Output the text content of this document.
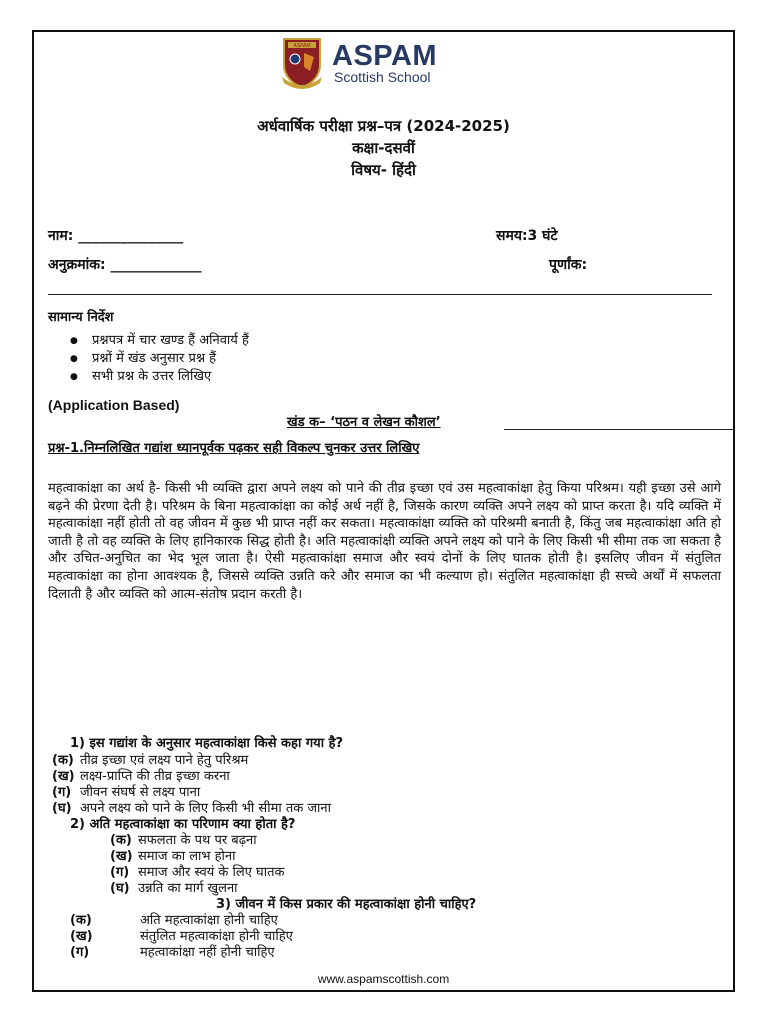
ASPAM ASPAM
Scottish School
अर्धवार्षिक परीक्षा प्रश्न–पत्र (2024-2025)
कक्षा-दसवीं
विषय- हिंदी
नाम: _______________	समय:3 घंटे
अनुक्रमांक: _____________	पूर्णांक:
सामान्य निर्देश
● प्रश्नपत्र में चार खण्ड हैं अनिवार्य हैं
● प्रश्नों में खंड अनुसार प्रश्न हैं
● सभी प्रश्न के उत्तर लिखिए
(Application Based)
खंड क– ‘पठन व लेखन कौशल’
प्रश्न-1.निम्नलिखित गद्यांश ध्यानपूर्वक पढ़कर सही विकल्प चुनकर उत्तर लिखिए
महत्वाकांक्षा का अर्थ है- किसी भी व्यक्ति द्वारा अपने लक्ष्य को पाने की तीव्र इच्छा एवं उस महत्वाकांक्षा हेतु किया परिश्रम। यही इच्छा उसे आगे बढ़ने की प्रेरणा देती है। परिश्रम के बिना महत्वाकांक्षा का कोई अर्थ नहीं है, जिसके कारण व्यक्ति अपने लक्ष्य को प्राप्त करता है। यदि व्यक्ति में महत्वाकांक्षा नहीं होती तो वह जीवन में कुछ भी प्राप्त नहीं कर सकता। महत्वाकांक्षा व्यक्ति को परिश्रमी बनाती है, किंतु जब महत्वाकांक्षा अति हो जाती है तो वह व्यक्ति के लिए हानिकारक सिद्ध होती है। अति महत्वाकांक्षी व्यक्ति अपने लक्ष्य को पाने के लिए किसी भी सीमा तक जा सकता है और उचित-अनुचित का भेद भूल जाता है। ऐसी महत्वाकांक्षा समाज और स्वयं दोनों के लिए घातक होती है। इसलिए जीवन में संतुलित महत्वाकांक्षा का होना आवश्यक है, जिससे व्यक्ति उन्नति करे और समाज का भी कल्याण हो। संतुलित महत्वाकांक्षा ही सच्चे अर्थों में सफलता दिलाती है और व्यक्ति को आत्म-संतोष प्रदान करती है।
1) इस गद्यांश के अनुसार महत्वाकांक्षा किसे कहा गया है?
(क) तीव्र इच्छा एवं लक्ष्य पाने हेतु परिश्रम
(ख) लक्ष्य-प्राप्ति की तीव्र इच्छा करना
(ग) जीवन संघर्ष से लक्ष्य पाना
(घ) अपने लक्ष्य को पाने के लिए किसी भी सीमा तक जाना
2) अति महत्वाकांक्षा का परिणाम क्या होता है?
(क) सफलता के पथ पर बढ़ना
(ख) समाज का लाभ होना
(ग) समाज और स्वयं के लिए घातक
(घ) उन्नति का मार्ग खुलना
3) जीवन में किस प्रकार की महत्वाकांक्षा होनी चाहिए?
(क)	अति महत्वाकांक्षा होनी चाहिए
(ख)	संतुलित महत्वाकांक्षा होनी चाहिए
(ग)	महत्वाकांक्षा नहीं होनी चाहिए
www.aspamscottish.com
